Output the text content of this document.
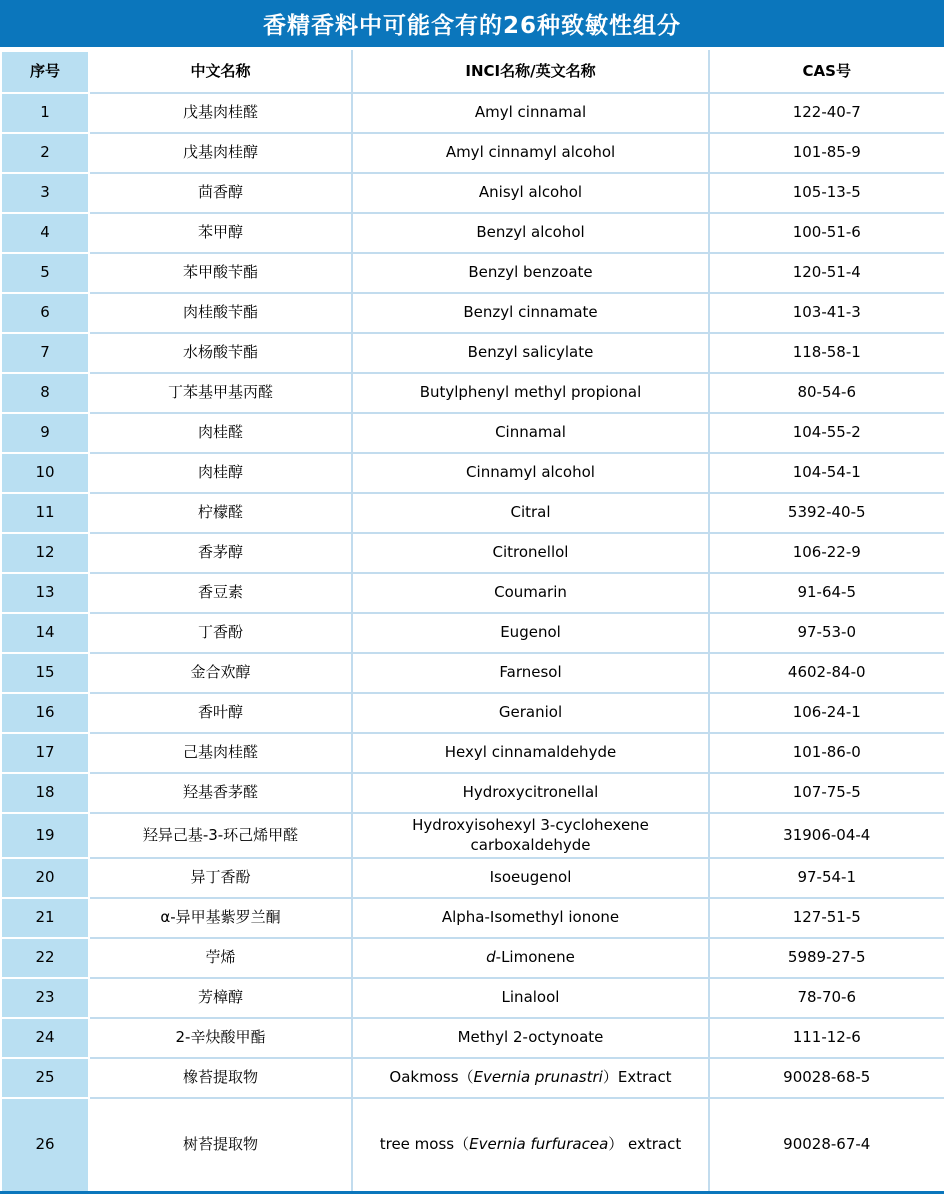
香精香料中可能含有的26种致敏性组分
序号	中文名称	INCI名称/英文名称	CAS号
1	戊基肉桂醛	Amyl cinnamal	122-40-7
2	戊基肉桂醇	Amyl cinnamyl alcohol	101-85-9
3	茴香醇	Anisyl alcohol	105-13-5
4	苯甲醇	Benzyl alcohol	100-51-6
5	苯甲酸苄酯	Benzyl benzoate	120-51-4
6	肉桂酸苄酯	Benzyl cinnamate	103-41-3
7	水杨酸苄酯	Benzyl salicylate	118-58-1
8	丁苯基甲基丙醛	Butylphenyl methyl propional	80-54-6
9	肉桂醛	Cinnamal	104-55-2
10	肉桂醇	Cinnamyl alcohol	104-54-1
11	柠檬醛	Citral	5392-40-5
12	香茅醇	Citronellol	106-22-9
13	香豆素	Coumarin	91-64-5
14	丁香酚	Eugenol	97-53-0
15	金合欢醇	Farnesol	4602-84-0
16	香叶醇	Geraniol	106-24-1
17	己基肉桂醛	Hexyl cinnamaldehyde	101-86-0
18	羟基香茅醛	Hydroxycitronellal	107-75-5
19	羟异己基-3-环己烯甲醛	Hydroxyisohexyl 3-cyclohexene carboxaldehyde	31906-04-4
20	异丁香酚	Isoeugenol	97-54-1
21	α-异甲基紫罗兰酮	Alpha-Isomethyl ionone	127-51-5
22	苧烯	d-Limonene	5989-27-5
23	芳樟醇	Linalool	78-70-6
24	2-辛炔酸甲酯	Methyl 2-octynoate	111-12-6
25	橡苔提取物	Oakmoss（Evernia prunastri）Extract	90028-68-5
26	树苔提取物	tree moss（Evernia furfuracea） extract	90028-67-4
